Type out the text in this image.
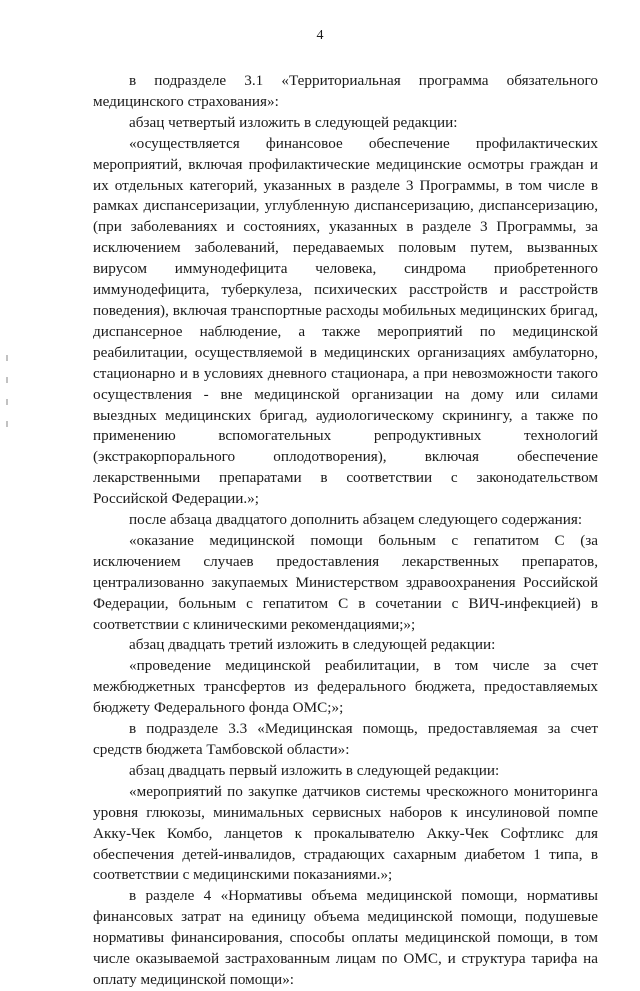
4

в подразделе 3.1 «Территориальная программа обязательного медицинского страхования»:

абзац четвертый изложить в следующей редакции:

«осуществляется финансовое обеспечение профилактических мероприятий, включая профилактические медицинские осмотры граждан и их отдельных категорий, указанных в разделе 3 Программы, в том числе в рамках диспансеризации, углубленную диспансеризацию, диспансеризацию, (при заболеваниях и состояниях, указанных в разделе 3 Программы, за исключением заболеваний, передаваемых половым путем, вызванных вирусом иммунодефицита человека, синдрома приобретенного иммунодефицита, туберкулеза, психических расстройств и расстройств поведения), включая транспортные расходы мобильных медицинских бригад, диспансерное наблюдение, а также мероприятий по медицинской реабилитации, осуществляемой в медицинских организациях амбулаторно, стационарно и в условиях дневного стационара, а при невозможности такого осуществления - вне медицинской организации на дому или силами выездных медицинских бригад, аудиологическому скринингу, а также по применению вспомогательных репродуктивных технологий (экстракорпорального оплодотворения), включая обеспечение лекарственными препаратами в соответствии с законодательством Российской Федерации.»;

после абзаца двадцатого дополнить абзацем следующего содержания:

«оказание медицинской помощи больным с гепатитом С (за исключением случаев предоставления лекарственных препаратов, централизованно закупаемых Министерством здравоохранения Российской Федерации, больным с гепатитом С в сочетании с ВИЧ-инфекцией) в соответствии с клиническими рекомендациями;»;

абзац двадцать третий изложить в следующей редакции:

«проведение медицинской реабилитации, в том числе за счет межбюджетных трансфертов из федерального бюджета, предоставляемых бюджету Федерального фонда ОМС;»;

в подразделе 3.3 «Медицинская помощь, предоставляемая за счет средств бюджета Тамбовской области»:

абзац двадцать первый изложить в следующей редакции:

«мероприятий по закупке датчиков системы чрескожного мониторинга уровня глюкозы, минимальных сервисных наборов к инсулиновой помпе Акку-Чек Комбо, ланцетов к прокалывателю Акку-Чек Софтликс для обеспечения детей-инвалидов, страдающих сахарным диабетом 1 типа, в соответствии с медицинскими показаниями.»;

в разделе 4 «Нормативы объема медицинской помощи, нормативы финансовых затрат на единицу объема медицинской помощи, подушевые нормативы финансирования, способы оплаты медицинской помощи, в том числе оказываемой застрахованным лицам по ОМС, и структура тарифа на оплату медицинской помощи»:
